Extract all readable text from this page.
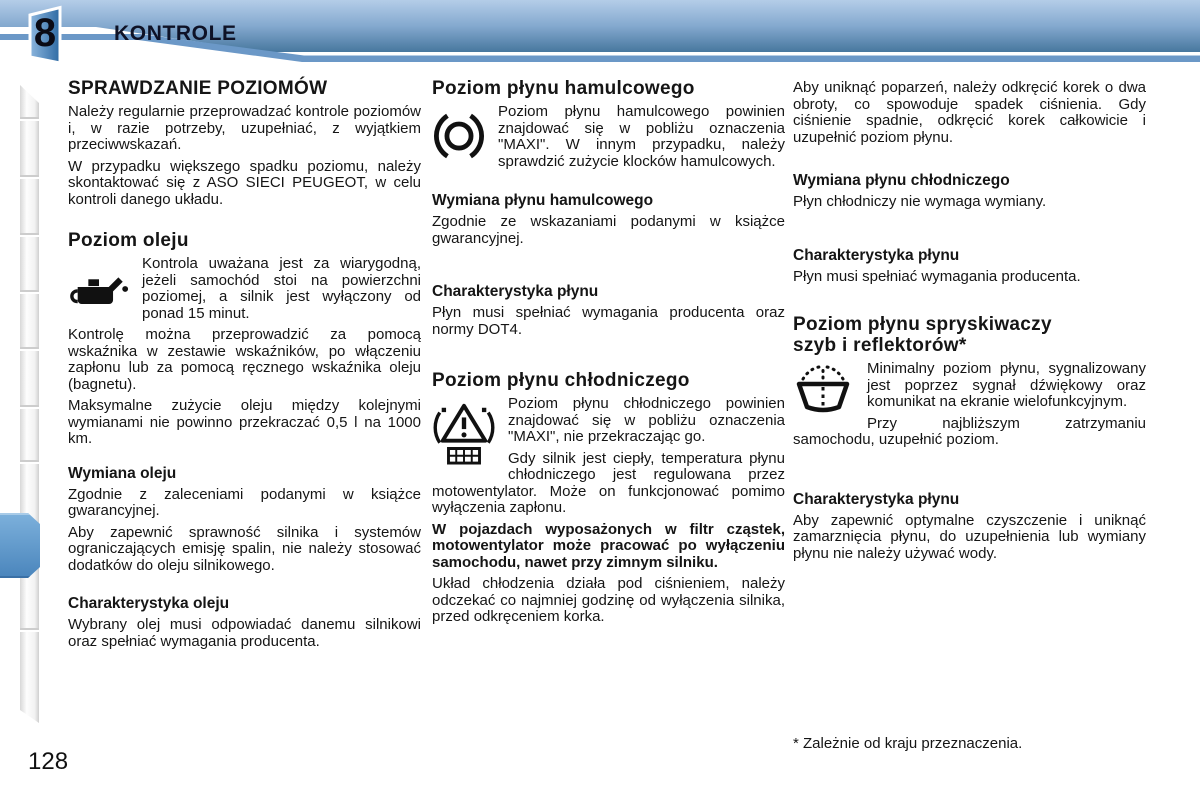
8	KONTROLE
SPRAWDZANIE POZIOMÓW

Należy regularnie przeprowadzać kontrole poziomów i, w razie potrzeby, uzupełniać, z wyjątkiem przeciwwskazań.

W przypadku większego spadku poziomu, należy skontaktować się z ASO SIECI PEUGEOT, w celu kontroli danego układu.

Poziom oleju

Kontrola uważana jest za wiarygodną, jeżeli samochód stoi na powierzchni poziomej, a silnik jest wyłączony od ponad 15 minut.

Kontrolę można przeprowadzić za pomocą wskaźnika w zestawie wskaźników, po włączeniu zapłonu lub za pomocą ręcznego wskaźnika oleju (bagnetu).

Maksymalne zużycie oleju między kolejnymi wymianami nie powinno przekraczać 0,5 l na 1000 km.

Wymiana oleju

Zgodnie z zaleceniami podanymi w książce gwarancyjnej.

Aby zapewnić sprawność silnika i systemów ograniczających emisję spalin, nie należy stosować dodatków do oleju silnikowego.

Charakterystyka oleju

Wybrany olej musi odpowiadać danemu silnikowi oraz spełniać wymagania producenta.

Poziom płynu hamulcowego

Poziom płynu hamulcowego powinien znajdować się w pobliżu oznaczenia "MAXI". W innym przypadku, należy sprawdzić zużycie klocków hamulcowych.

Wymiana płynu hamulcowego

Zgodnie ze wskazaniami podanymi w książce gwarancyjnej.

Charakterystyka płynu

Płyn musi spełniać wymagania producenta oraz normy DOT4.

Poziom płynu chłodniczego

Poziom płynu chłodniczego powinien znajdować się w pobliżu oznaczenia "MAXI", nie przekraczając go.

Gdy silnik jest ciepły, temperatura płynu chłodniczego jest regulowana przez motowentylator. Może on funkcjonować pomimo wyłączenia zapłonu.

W pojazdach wyposażonych w filtr cząstek, motowentylator może pracować po wyłączeniu samochodu, nawet przy zimnym silniku.

Układ chłodzenia działa pod ciśnieniem, należy odczekać co najmniej godzinę od wyłączenia silnika, przed odkręceniem korka.

Aby uniknąć poparzeń, należy odkręcić korek o dwa obroty, co spowoduje spadek ciśnienia. Gdy ciśnienie spadnie, odkręcić korek całkowicie i uzupełnić poziom płynu.

Wymiana płynu chłodniczego

Płyn chłodniczy nie wymaga wymiany.

Charakterystyka płynu

Płyn musi spełniać wymagania producenta.

Poziom płynu spryskiwaczy szyb i reflektorów*

Minimalny poziom płynu, sygnalizowany jest poprzez sygnał dźwiękowy oraz komunikat na ekranie wielofunkcyjnym.

Przy najbliższym zatrzymaniu samochodu, uzupełnić poziom.

Charakterystyka płynu

Aby zapewnić optymalne czyszczenie i uniknąć zamarznięcia płynu, do uzupełnienia lub wymiany płynu nie należy używać wody.

* Zależnie od kraju przeznaczenia.
128
